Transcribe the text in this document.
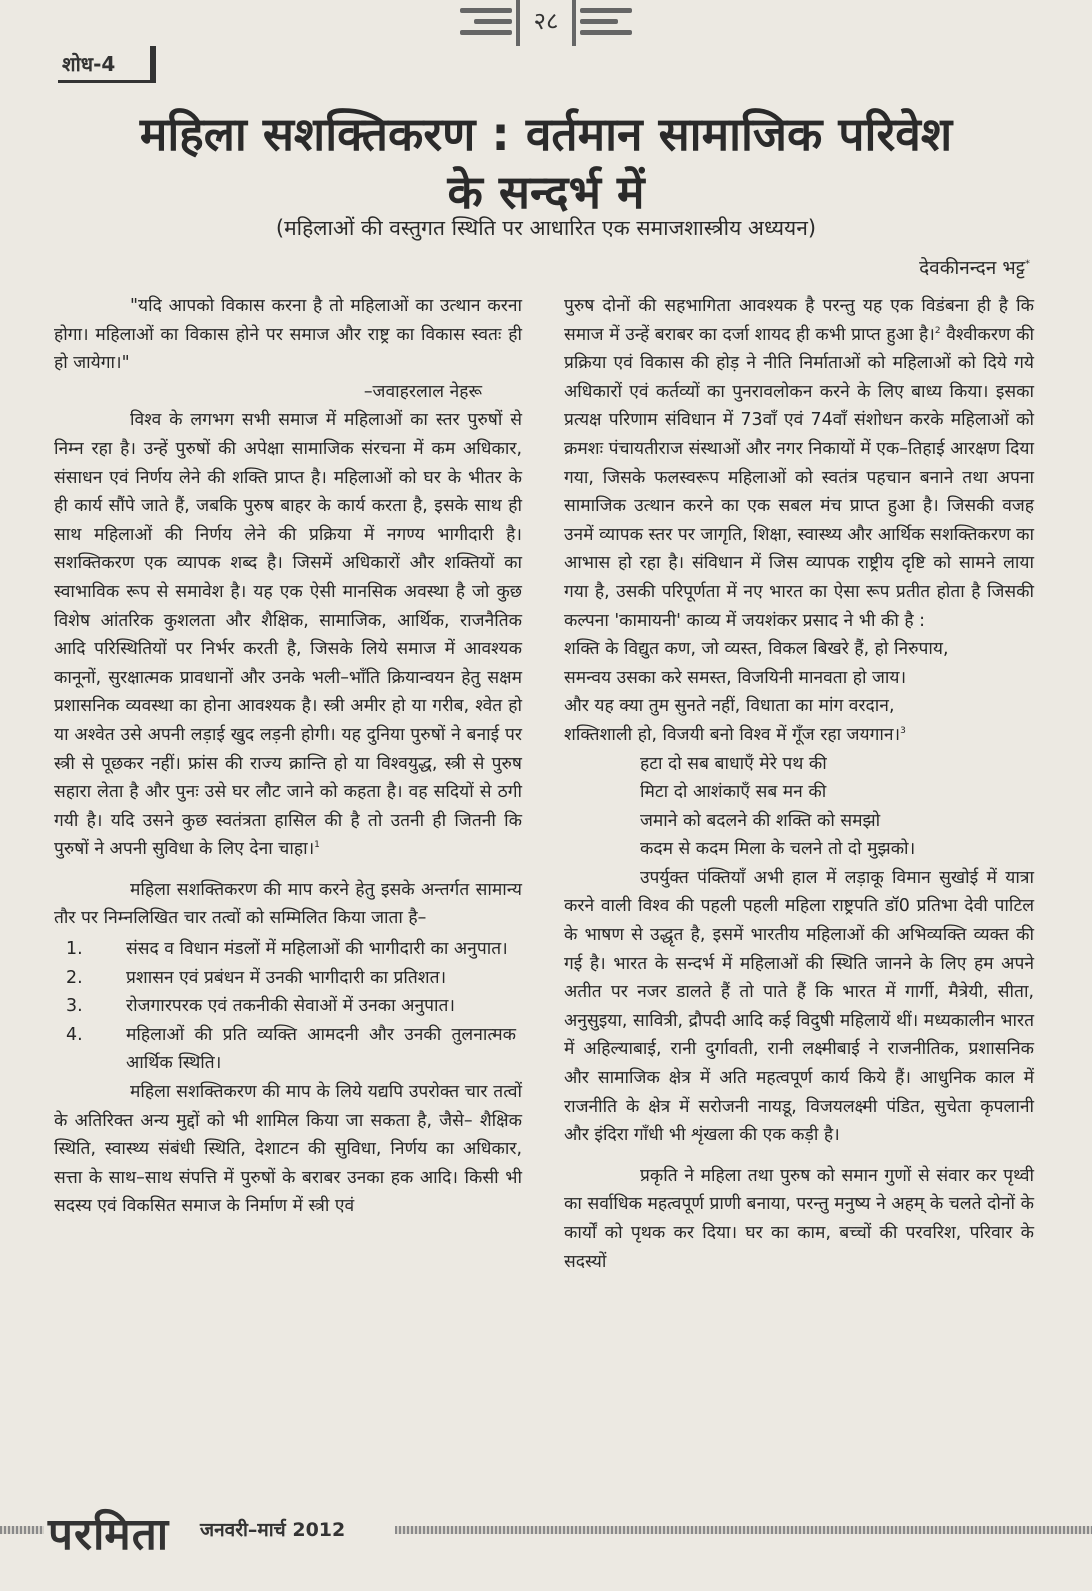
२८
शोध-4
महिला सशक्तिकरण : वर्तमान सामाजिक परिवेश
के सन्दर्भ में
(महिलाओं की वस्तुगत स्थिति पर आधारित एक समाजशास्त्रीय अध्ययन)
देवकीनन्दन भट्ट*

"यदि आपको विकास करना है तो महिलाओं का उत्थान करना होगा। महिलाओं का विकास होने पर समाज और राष्ट्र का विकास स्वतः ही हो जायेगा।"

–जवाहरलाल नेहरू

विश्व के लगभग सभी समाज में महिलाओं का स्तर पुरुषों से निम्न रहा है। उन्हें पुरुषों की अपेक्षा सामाजिक संरचना में कम अधिकार, संसाधन एवं निर्णय लेने की शक्ति प्राप्त है। महिलाओं को घर के भीतर के ही कार्य सौंपे जाते हैं, जबकि पुरुष बाहर के कार्य करता है, इसके साथ ही साथ महिलाओं की निर्णय लेने की प्रक्रिया में नगण्य भागीदारी है। सशक्तिकरण एक व्यापक शब्द है। जिसमें अधिकारों और शक्तियों का स्वाभाविक रूप से समावेश है। यह एक ऐसी मानसिक अवस्था है जो कुछ विशेष आंतरिक कुशलता और शैक्षिक, सामाजिक, आर्थिक, राजनैतिक आदि परिस्थितियों पर निर्भर करती है, जिसके लिये समाज में आवश्यक कानूनों, सुरक्षात्मक प्रावधानों और उनके भली–भाँति क्रियान्वयन हेतु सक्षम प्रशासनिक व्यवस्था का होना आवश्यक है। स्त्री अमीर हो या गरीब, श्वेत हो या अश्वेत उसे अपनी लड़ाई खुद लड़नी होगी। यह दुनिया पुरुषों ने बनाई पर स्त्री से पूछकर नहीं। फ्रांस की राज्य क्रान्ति हो या विश्वयुद्ध, स्त्री से पुरुष सहारा लेता है और पुनः उसे घर लौट जाने को कहता है। वह सदियों से ठगी गयी है। यदि उसने कुछ स्वतंत्रता हासिल की है तो उतनी ही जितनी कि पुरुषों ने अपनी सुविधा के लिए देना चाहा।$^1$

महिला सशक्तिकरण की माप करने हेतु इसके अन्तर्गत सामान्य तौर पर निम्नलिखित चार तत्वों को सम्मिलित किया जाता है–

1.	संसद व विधान मंडलों में महिलाओं की भागीदारी का अनुपात।
2.	प्रशासन एवं प्रबंधन में उनकी भागीदारी का प्रतिशत।
3.	रोजगारपरक एवं तकनीकी सेवाओं में उनका अनुपात।
4.	महिलाओं की प्रति व्यक्ति आमदनी और उनकी तुलनात्मक आर्थिक स्थिति।

महिला सशक्तिकरण की माप के लिये यद्यपि उपरोक्त चार तत्वों के अतिरिक्त अन्य मुद्दों को भी शामिल किया जा सकता है, जैसे– शैक्षिक स्थिति, स्वास्थ्य संबंधी स्थिति, देशाटन की सुविधा, निर्णय का अधिकार, सत्ता के साथ–साथ संपत्ति में पुरुषों के बराबर उनका हक आदि। किसी भी सदस्य एवं विकसित समाज के निर्माण में स्त्री एवं

पुरुष दोनों की सहभागिता आवश्यक है परन्तु यह एक विडंबना ही है कि समाज में उन्हें बराबर का दर्जा शायद ही कभी प्राप्त हुआ है।$^2$ वैश्वीकरण की प्रक्रिया एवं विकास की होड़ ने नीति निर्माताओं को महिलाओं को दिये गये अधिकारों एवं कर्तव्यों का पुनरावलोकन करने के लिए बाध्य किया। इसका प्रत्यक्ष परिणाम संविधान में 73वाँ एवं 74वाँ संशोधन करके महिलाओं को क्रमशः पंचायतीराज संस्थाओं और नगर निकायों में एक–तिहाई आरक्षण दिया गया, जिसके फलस्वरूप महिलाओं को स्वतंत्र पहचान बनाने तथा अपना सामाजिक उत्थान करने का एक सबल मंच प्राप्त हुआ है। जिसकी वजह उनमें व्यापक स्तर पर जागृति, शिक्षा, स्वास्थ्य और आर्थिक सशक्तिकरण का आभास हो रहा है। संविधान में जिस व्यापक राष्ट्रीय दृष्टि को सामने लाया गया है, उसकी परिपूर्णता में नए भारत का ऐसा रूप प्रतीत होता है जिसकी कल्पना 'कामायनी' काव्य में जयशंकर प्रसाद ने भी की है :

शक्ति के विद्युत कण, जो व्यस्त, विकल बिखरे हैं, हो निरुपाय,

समन्वय उसका करे समस्त, विजयिनी मानवता हो जाय।

और यह क्या तुम सुनते नहीं, विधाता का मांग वरदान,

शक्तिशाली हो, विजयी बनो विश्व में गूँज रहा जयगान।$^3$

हटा दो सब बाधाएँ मेरे पथ की

मिटा दो आशंकाएँ सब मन की

जमाने को बदलने की शक्ति को समझो

कदम से कदम मिला के चलने तो दो मुझको।

उपर्युक्त पंक्तियाँ अभी हाल में लड़ाकू विमान सुखोई में यात्रा करने वाली विश्व की पहली पहली महिला राष्ट्रपति डॉ0 प्रतिभा देवी पाटिल के भाषण से उद्धृत है, इसमें भारतीय महिलाओं की अभिव्यक्ति व्यक्त की गई है। भारत के सन्दर्भ में महिलाओं की स्थिति जानने के लिए हम अपने अतीत पर नजर डालते हैं तो पाते हैं कि भारत में गार्गी, मैत्रेयी, सीता, अनुसुइया, सावित्री, द्रौपदी आदि कई विदुषी महिलायें थीं। मध्यकालीन भारत में अहिल्याबाई, रानी दुर्गावती, रानी लक्ष्मीबाई ने राजनीतिक, प्रशासनिक और सामाजिक क्षेत्र में अति महत्वपूर्ण कार्य किये हैं। आधुनिक काल में राजनीति के क्षेत्र में सरोजनी नायडू, विजयलक्ष्मी पंडित, सुचेता कृपलानी और इंदिरा गाँधी भी शृंखला की एक कड़ी है।

प्रकृति ने महिला तथा पुरुष को समान गुणों से संवार कर पृथ्वी का सर्वाधिक महत्वपूर्ण प्राणी बनाया, परन्तु मनुष्य ने अहम् के चलते दोनों के कार्यों को पृथक कर दिया। घर का काम, बच्चों की परवरिश, परिवार के सदस्यों

परमिता जनवरी–मार्च 2012
